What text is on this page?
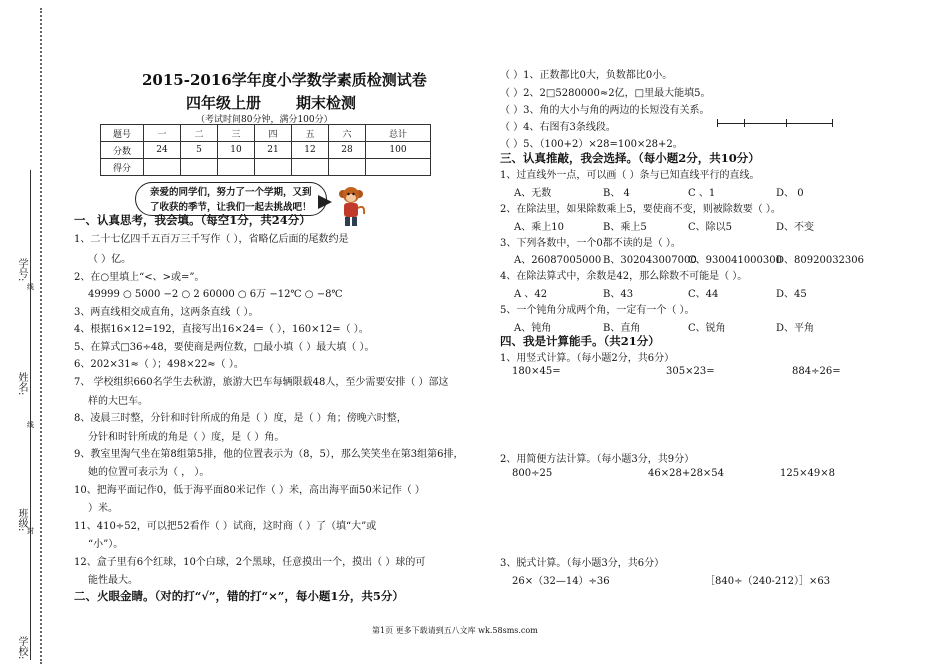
学号:
姓名:
班级:
学校:
线
线
封
2015-2016学年度小学数学素质检测试卷
四年级上册 期末检测
（考试时间80分钟，满分100分）
题号	一	二	三	四	五	六	总计
分数	24	5	10	21	12	28	100
得分							
亲爱的同学们，努力了一个学期，又到
了收获的季节，让我们一起去挑战吧！
一、认真思考，我会填。（每空1分，共24分）
1、二十七亿四千五百万三千写作（ ），省略亿后面的尾数约是
（ ）亿。
2、在○里填上“<、>或=”。
49999 ○ 5000 −2 ○ 2 60000 ○ 6万 −12℃ ○ −8℃
3、两直线相交成直角，这两条直线（ ）。
4、根据16×12=192，直接写出16×24=（ ），160×12=（ ）。
5、在算式□36÷48，要使商是两位数，□最小填（ ）最大填（ ）。
6、202×31≈（ ）；498×22≈（ ）。
7、 学校组织660名学生去秋游，旅游大巴车每辆限载48人，至少需要安排（ ）部这
样的大巴车。
8、凌晨三时整，分针和时针所成的角是（ ）度，是（ ）角；傍晚六时整，
分针和时针所成的角是（ ）度，是（ ）角。
9、教室里淘气坐在第8组第5排，他的位置表示为（8，5），那么笑笑坐在第3组第6排，
她的位置可表示为（ ， ）。
10、把海平面记作0，低于海平面80米记作（ ）米，高出海平面50米记作（ ）
）米。
11、410÷52，可以把52看作（ ）试商，这时商（ ）了（填“大”或
“小”）。
12、盒子里有6个红球，10个白球，2个黑球，任意摸出一个，摸出（ ）球的可
能性最大。
二、火眼金睛。（对的打“√”，错的打“×”，每小题1分，共5分）
（ ）1、正数都比0大，负数都比0小。
（ ）2、2□5280000≈2亿，□里最大能填5。
（ ）3、角的大小与角的两边的长短没有关系。
（ ）4、右图有3条线段。
（ ）5、（100+2）×28=100×28+2。
三、认真推敲，我会选择。（每小题2分，共10分）
1、过直线外一点，可以画（ ）条与已知直线平行的直线。
A、无数	B、 4	C 、1	D、 0
2、在除法里，如果除数乘上5，要使商不变，则被除数要（ ）。
A、乘上10	B、乘上5	C、除以5	D、不变
3、下列各数中，一个0都不读的是（ ）。
A、26087005000 B、302043007000
C、930041000300
D、80920032306
4、在除法算式中，余数是42，那么除数不可能是（ ）。
A 、42	B、43	C、44	D、45
5、一个钝角分成两个角，一定有一个（ ）。
A、钝角	B、直角	C、锐角	D、平角
四、我是计算能手。（共21分）
1、用竖式计算。（每小题2分，共6分）
180×45=	305×23=	884÷26=
2、用简便方法计算。（每小题3分，共9分）
800÷25	46×28+28×54	125×49×8
3、脱式计算。（每小题3分，共6分）
26×（32—14）÷36	［840÷（240-212）］×63
第1页 更多下载请到五八文库 wk.58sms.com
